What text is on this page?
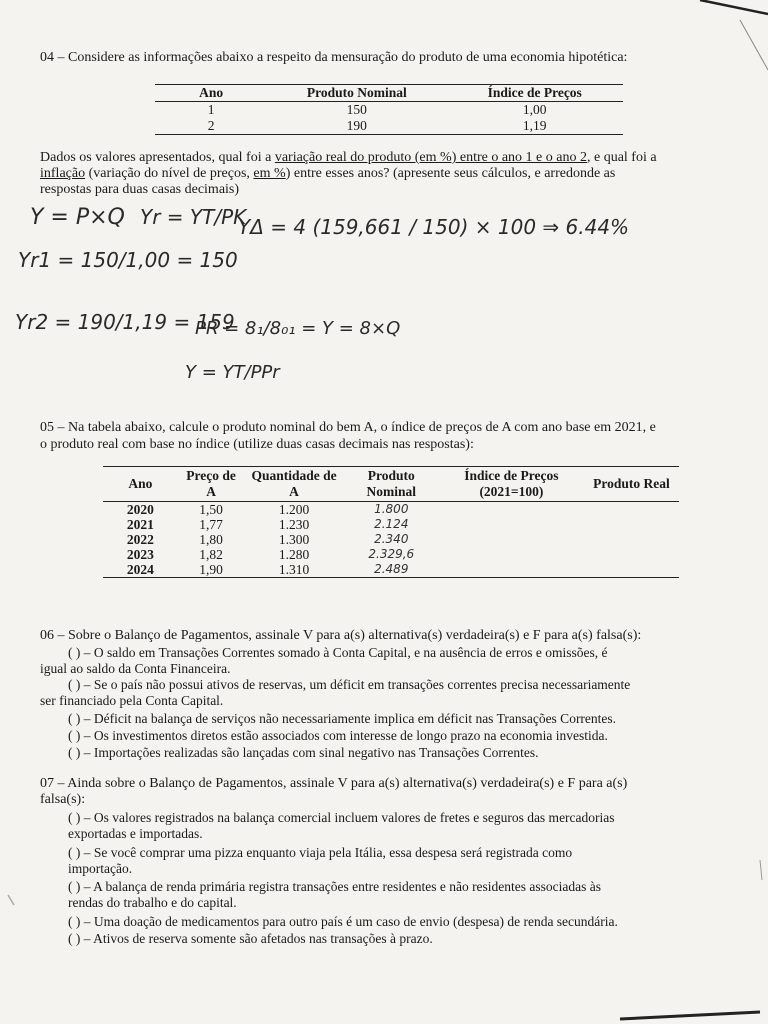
04 – Considere as informações abaixo a respeito da mensuração do produto de uma economia hipotética:
Ano	Produto Nominal	Índice de Preços
1	150	1,00
2	190	1,19
Dados os valores apresentados, qual foi a variação real do produto (em %) entre o ano 1 e o ano 2, e qual foi a
inflação (variação do nível de preços, em %) entre esses anos? (apresente seus cálculos, e arredonde as
respostas para duas casas decimais)
Y = P×Q Yr = YT/PK
YΔ = 4 (159,661 / 150) × 100 ⇒ 6.44%
Yr1 = 150/1,00 = 150
Yr2 = 190/1,19 = 159
PR = 8₁/8₀₁ = Y = 8×Q
Y = YT/PPr
05 – Na tabela abaixo, calcule o produto nominal do bem A, o índice de preços de A com ano base em 2021, e
o produto real com base no índice (utilize duas casas decimais nas respostas):
Ano	Preço de A	Quantidade de A	Produto Nominal	Índice de Preços (2021=100)	Produto Real
2020	1,50	1.200	1.800		
2021	1,77	1.230	2.124		
2022	1,80	1.300	2.340		
2023	1,82	1.280	2.329,6		
2024	1,90	1.310	2.489		
06 – Sobre o Balanço de Pagamentos, assinale V para a(s) alternativa(s) verdadeira(s) e F para a(s) falsa(s):
( ) – O saldo em Transações Correntes somado à Conta Capital, e na ausência de erros e omissões, é
igual ao saldo da Conta Financeira.
( ) – Se o país não possui ativos de reservas, um déficit em transações correntes precisa necessariamente
ser financiado pela Conta Capital.
( ) – Déficit na balança de serviços não necessariamente implica em déficit nas Transações Correntes.
( ) – Os investimentos diretos estão associados com interesse de longo prazo na economia investida.
( ) – Importações realizadas são lançadas com sinal negativo nas Transações Correntes.
07 – Ainda sobre o Balanço de Pagamentos, assinale V para a(s) alternativa(s) verdadeira(s) e F para a(s)
falsa(s):
( ) – Os valores registrados na balança comercial incluem valores de fretes e seguros das mercadorias
exportadas e importadas.
( ) – Se você comprar uma pizza enquanto viaja pela Itália, essa despesa será registrada como
importação.
( ) – A balança de renda primária registra transações entre residentes e não residentes associadas às
rendas do trabalho e do capital.
( ) – Uma doação de medicamentos para outro país é um caso de envio (despesa) de renda secundária.
( ) – Ativos de reserva somente são afetados nas transações à prazo.
